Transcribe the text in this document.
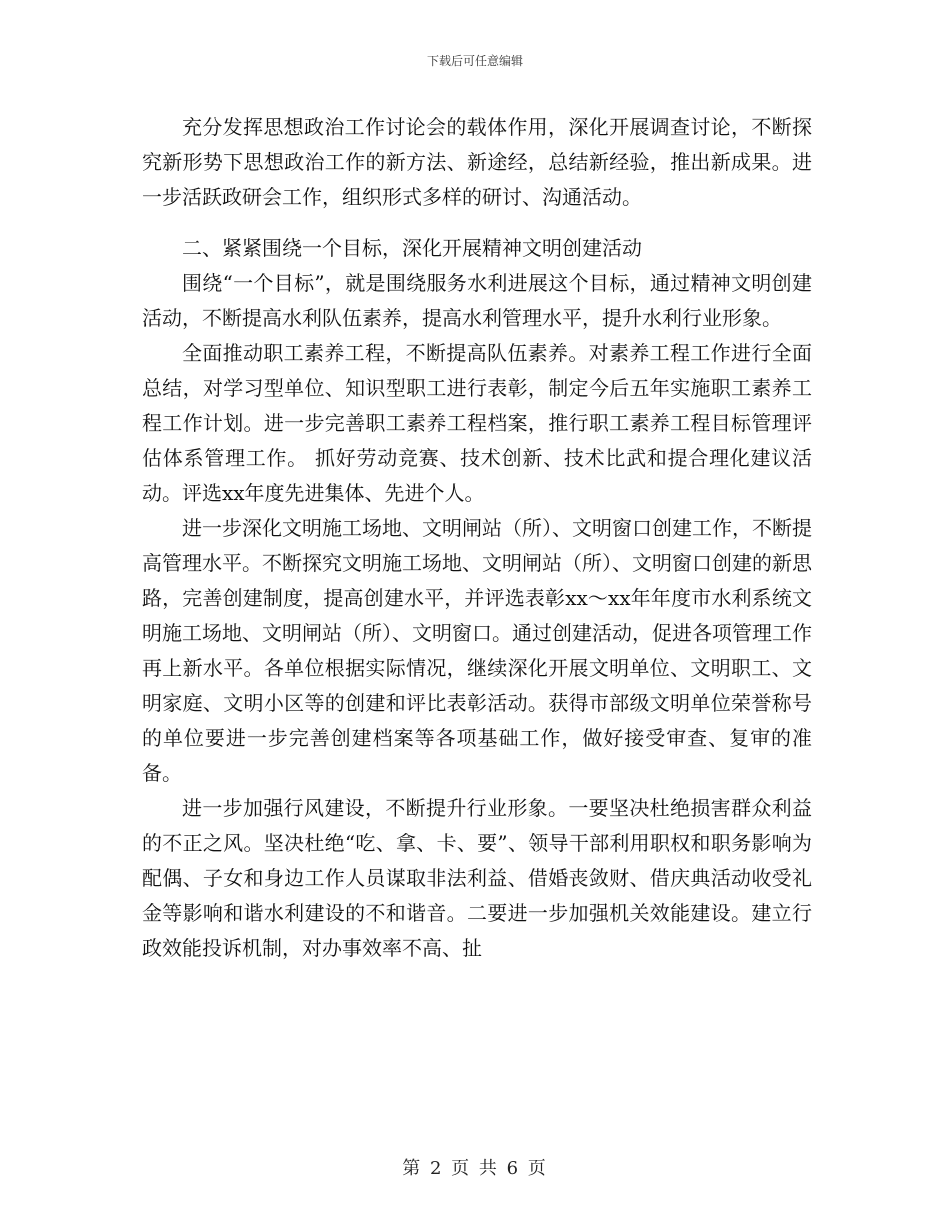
下载后可任意编辑

充分发挥思想政治工作讨论会的载体作用，深化开展调查讨论，不断探究新形势下思想政治工作的新方法、新途经，总结新经验，推出新成果。进一步活跃政研会工作，组织形式多样的研讨、沟通活动。

二、紧紧围绕一个目标，深化开展精神文明创建活动

围绕“一个目标”，就是围绕服务水利进展这个目标，通过精神文明创建活动，不断提高水利队伍素养，提高水利管理水平，提升水利行业形象。

全面推动职工素养工程，不断提高队伍素养。对素养工程工作进行全面总结，对学习型单位、知识型职工进行表彰，制定今后五年实施职工素养工程工作计划。进一步完善职工素养工程档案，推行职工素养工程目标管理评估体系管理工作。 抓好劳动竞赛、技术创新、技术比武和提合理化建议活动。评选xx年度先进集体、先进个人。

进一步深化文明施工场地、文明闸站（所）、文明窗口创建工作，不断提高管理水平。不断探究文明施工场地、文明闸站（所）、文明窗口创建的新思路，完善创建制度，提高创建水平，并评选表彰xx～xx年年度市水利系统文明施工场地、文明闸站（所）、文明窗口。通过创建活动，促进各项管理工作再上新水平。各单位根据实际情况，继续深化开展文明单位、文明职工、文明家庭、文明小区等的创建和评比表彰活动。获得市部级文明单位荣誉称号的单位要进一步完善创建档案等各项基础工作，做好接受审查、复审的准备。

进一步加强行风建设，不断提升行业形象。一要坚决杜绝损害群众利益的不正之风。坚决杜绝“吃、拿、卡、要”、领导干部利用职权和职务影响为配偶、子女和身边工作人员谋取非法利益、借婚丧敛财、借庆典活动收受礼金等影响和谐水利建设的不和谐音。二要进一步加强机关效能建设。建立行政效能投诉机制，对办事效率不高、扯

第 2 页 共 6 页
